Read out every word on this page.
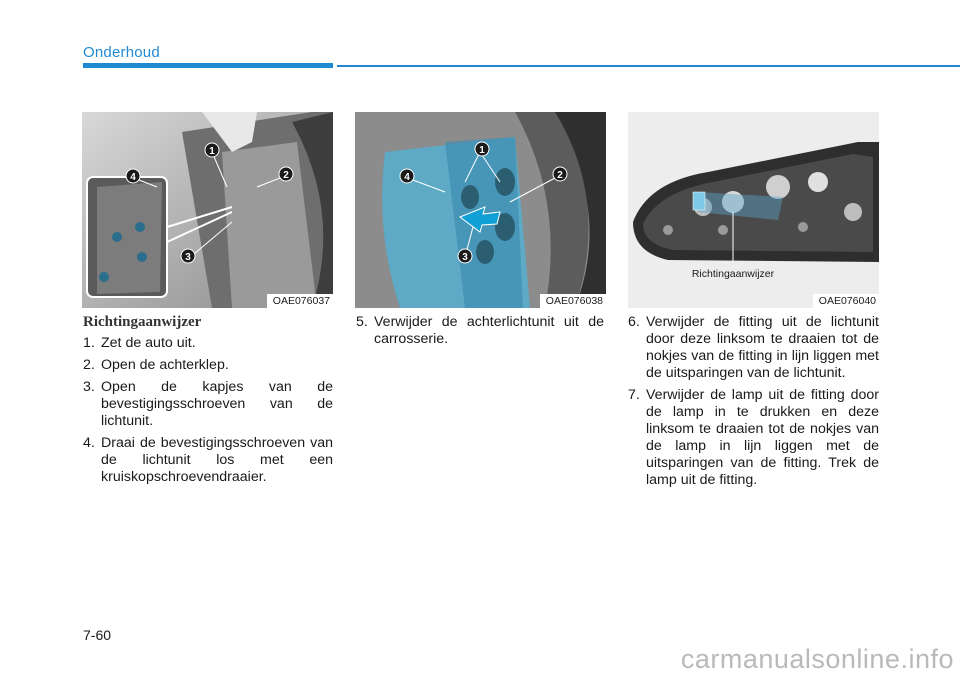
Onderhoud
1
2
3
4
OAE076037
1
2
3
4
OAE076038
Richtingaanwijzer
OAE076040

Richtingaanwijzer

1. Zet de auto uit.
2. Open de achterklep.
3. Open de kapjes van de bevestigingsschroeven van de lichtunit.
4. Draai de bevestigingsschroeven van de lichtunit los met een kruiskopschroevendraaier.
5. Verwijder de achterlichtunit uit de carrosserie.
6. Verwijder de fitting uit de lichtunit door deze linksom te draaien tot de nokjes van de fitting in lijn liggen met de uitsparingen van de lichtunit.
7. Verwijder de lamp uit de fitting door de lamp in te drukken en deze linksom te draaien tot de nokjes van de lamp in lijn liggen met de uitsparingen van de fitting. Trek de lamp uit de fitting.
7-60
carmanualsonline.info
